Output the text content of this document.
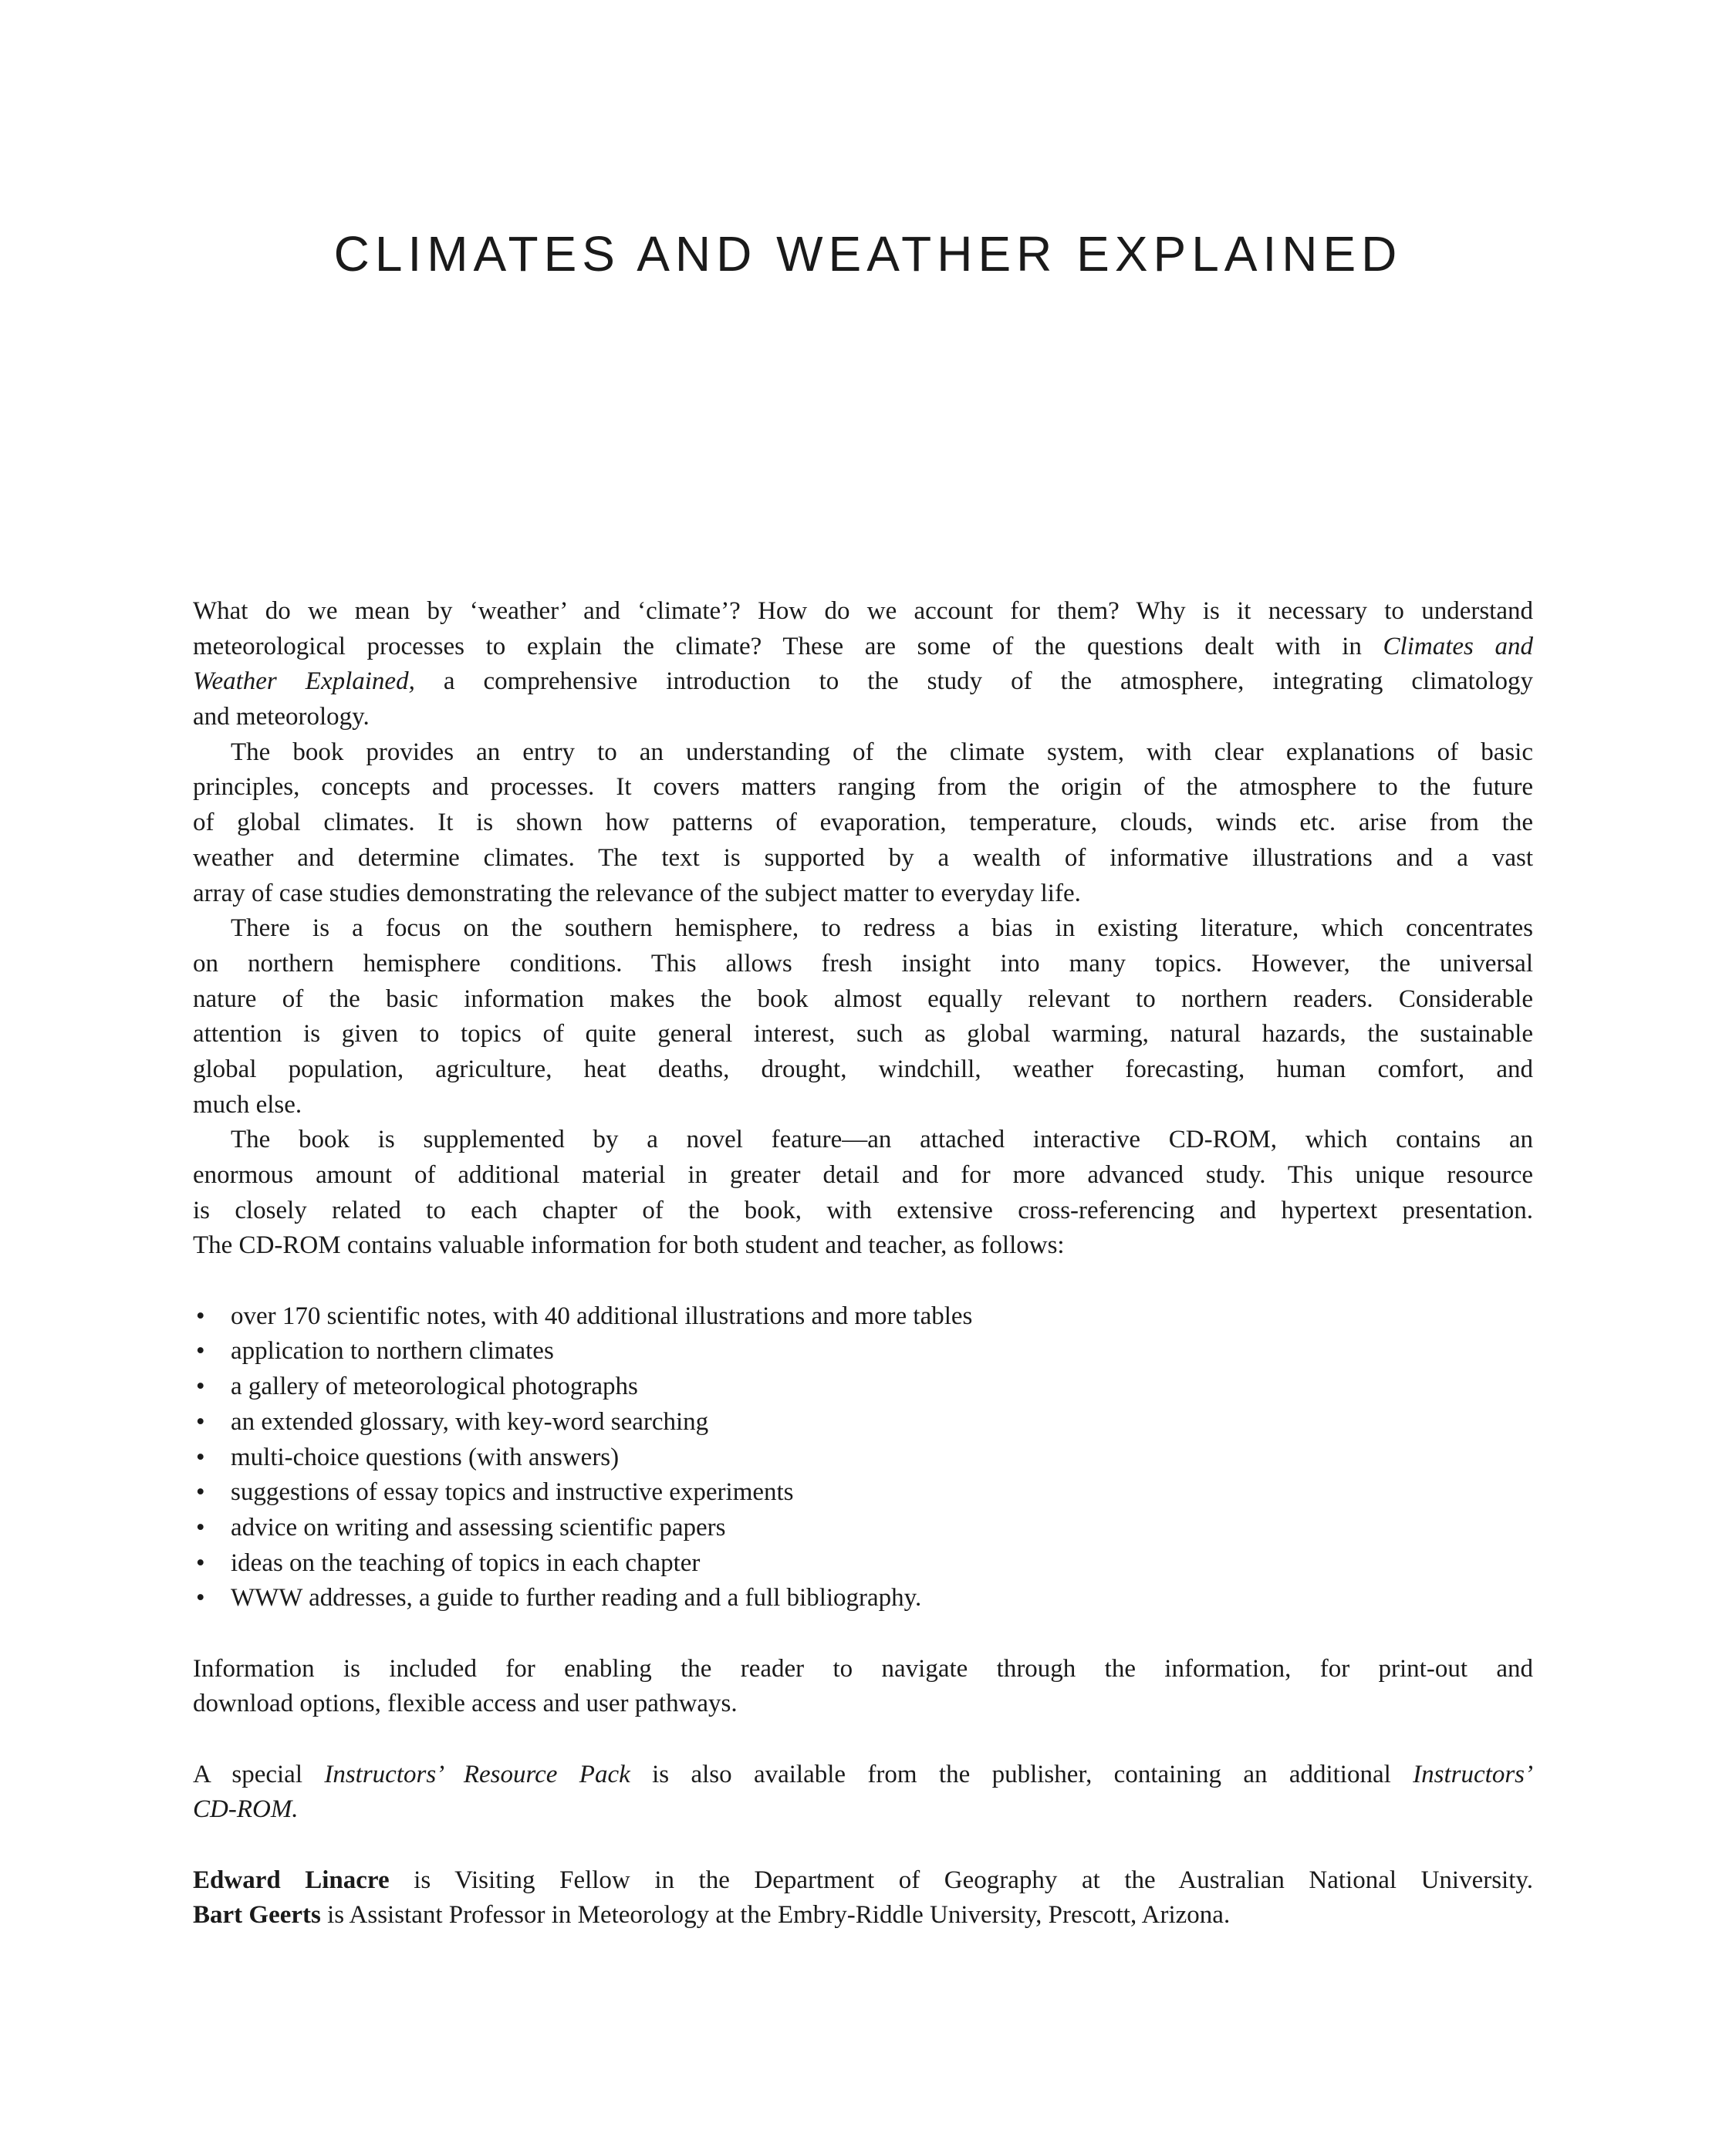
CLIMATES AND WEATHER EXPLAINED
What do we mean by ‘weather’ and ‘climate’? How do we account for them? Why is it necessary to understand
meteorological processes to explain the climate? These are some of the questions dealt with in Climates and
Weather Explained, a comprehensive introduction to the study of the atmosphere, integrating climatology
and meteorology.
The book provides an entry to an understanding of the climate system, with clear explanations of basic
principles, concepts and processes. It covers matters ranging from the origin of the atmosphere to the future
of global climates. It is shown how patterns of evaporation, temperature, clouds, winds etc. arise from the
weather and determine climates. The text is supported by a wealth of informative illustrations and a vast
array of case studies demonstrating the relevance of the subject matter to everyday life.
There is a focus on the southern hemisphere, to redress a bias in existing literature, which concentrates
on northern hemisphere conditions. This allows fresh insight into many topics. However, the universal
nature of the basic information makes the book almost equally relevant to northern readers. Considerable
attention is given to topics of quite general interest, such as global warming, natural hazards, the sustainable
global population, agriculture, heat deaths, drought, windchill, weather forecasting, human comfort, and
much else.
The book is supplemented by a novel feature—an attached interactive CD-ROM, which contains an
enormous amount of additional material in greater detail and for more advanced study. This unique resource
is closely related to each chapter of the book, with extensive cross-referencing and hypertext presentation.
The CD-ROM contains valuable information for both student and teacher, as follows:
• over 170 scientific notes, with 40 additional illustrations and more tables
• application to northern climates
• a gallery of meteorological photographs
• an extended glossary, with key-word searching
• multi-choice questions (with answers)
• suggestions of essay topics and instructive experiments
• advice on writing and assessing scientific papers
• ideas on the teaching of topics in each chapter
• WWW addresses, a guide to further reading and a full bibliography.
Information is included for enabling the reader to navigate through the information, for print-out and
download options, flexible access and user pathways.
A special Instructors’ Resource Pack is also available from the publisher, containing an additional Instructors’
CD-ROM.
Edward Linacre is Visiting Fellow in the Department of Geography at the Australian National University.
Bart Geerts is Assistant Professor in Meteorology at the Embry-Riddle University, Prescott, Arizona.
